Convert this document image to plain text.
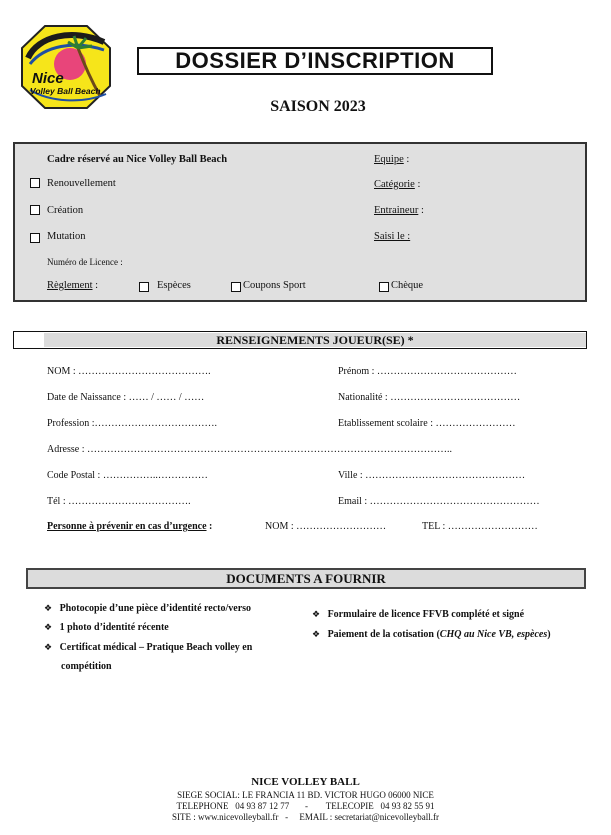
Nice
Volley Ball Beach
DOSSIER D’INSCRIPTION
SAISON 2023
Cadre réservé au Nice Volley Ball Beach
Renouvellement
Création
Mutation
Numéro de Licence :
Equipe :
Catégorie :
Entraineur :
Saisi le :
Règlement :	Espèces	Coupons Sport	Chèque
RENSEIGNEMENTS JOUEUR(SE) *
NOM : ………………………………….	Prénom : ……………………………………
Date de Naissance : …… / …… / ……	Nationalité : …………………………………
Profession :……………………………….	Etablissement scolaire : ……………………
Adresse : ………………………………………………………………………………………………..
Code Postal : ……………..……………	Ville : …………………………………………
Tél : ……………………………….	Email : ……………………………………………
Personne à prévenir en cas d’urgence :	NOM : ………………………	TEL : ………………………
DOCUMENTS A FOURNIR
❖ Photocopie d’une pièce d’identité recto/verso
❖ 1 photo d’identité récente
❖ Certificat médical – Pratique Beach volley en
compétition
❖ Formulaire de licence FFVB complété et signé
❖ Paiement de la cotisation (CHQ au Nice VB, espèces)
NICE VOLLEY BALL
SIEGE SOCIAL: LE FRANCIA 11 BD. VICTOR HUGO 06000 NICE
TELEPHONE   04 93 87 12 77       -        TELECOPIE   04 93 82 55 91
SITE : www.nicevolleyball.fr   -     EMAIL : secretariat@nicevolleyball.fr
